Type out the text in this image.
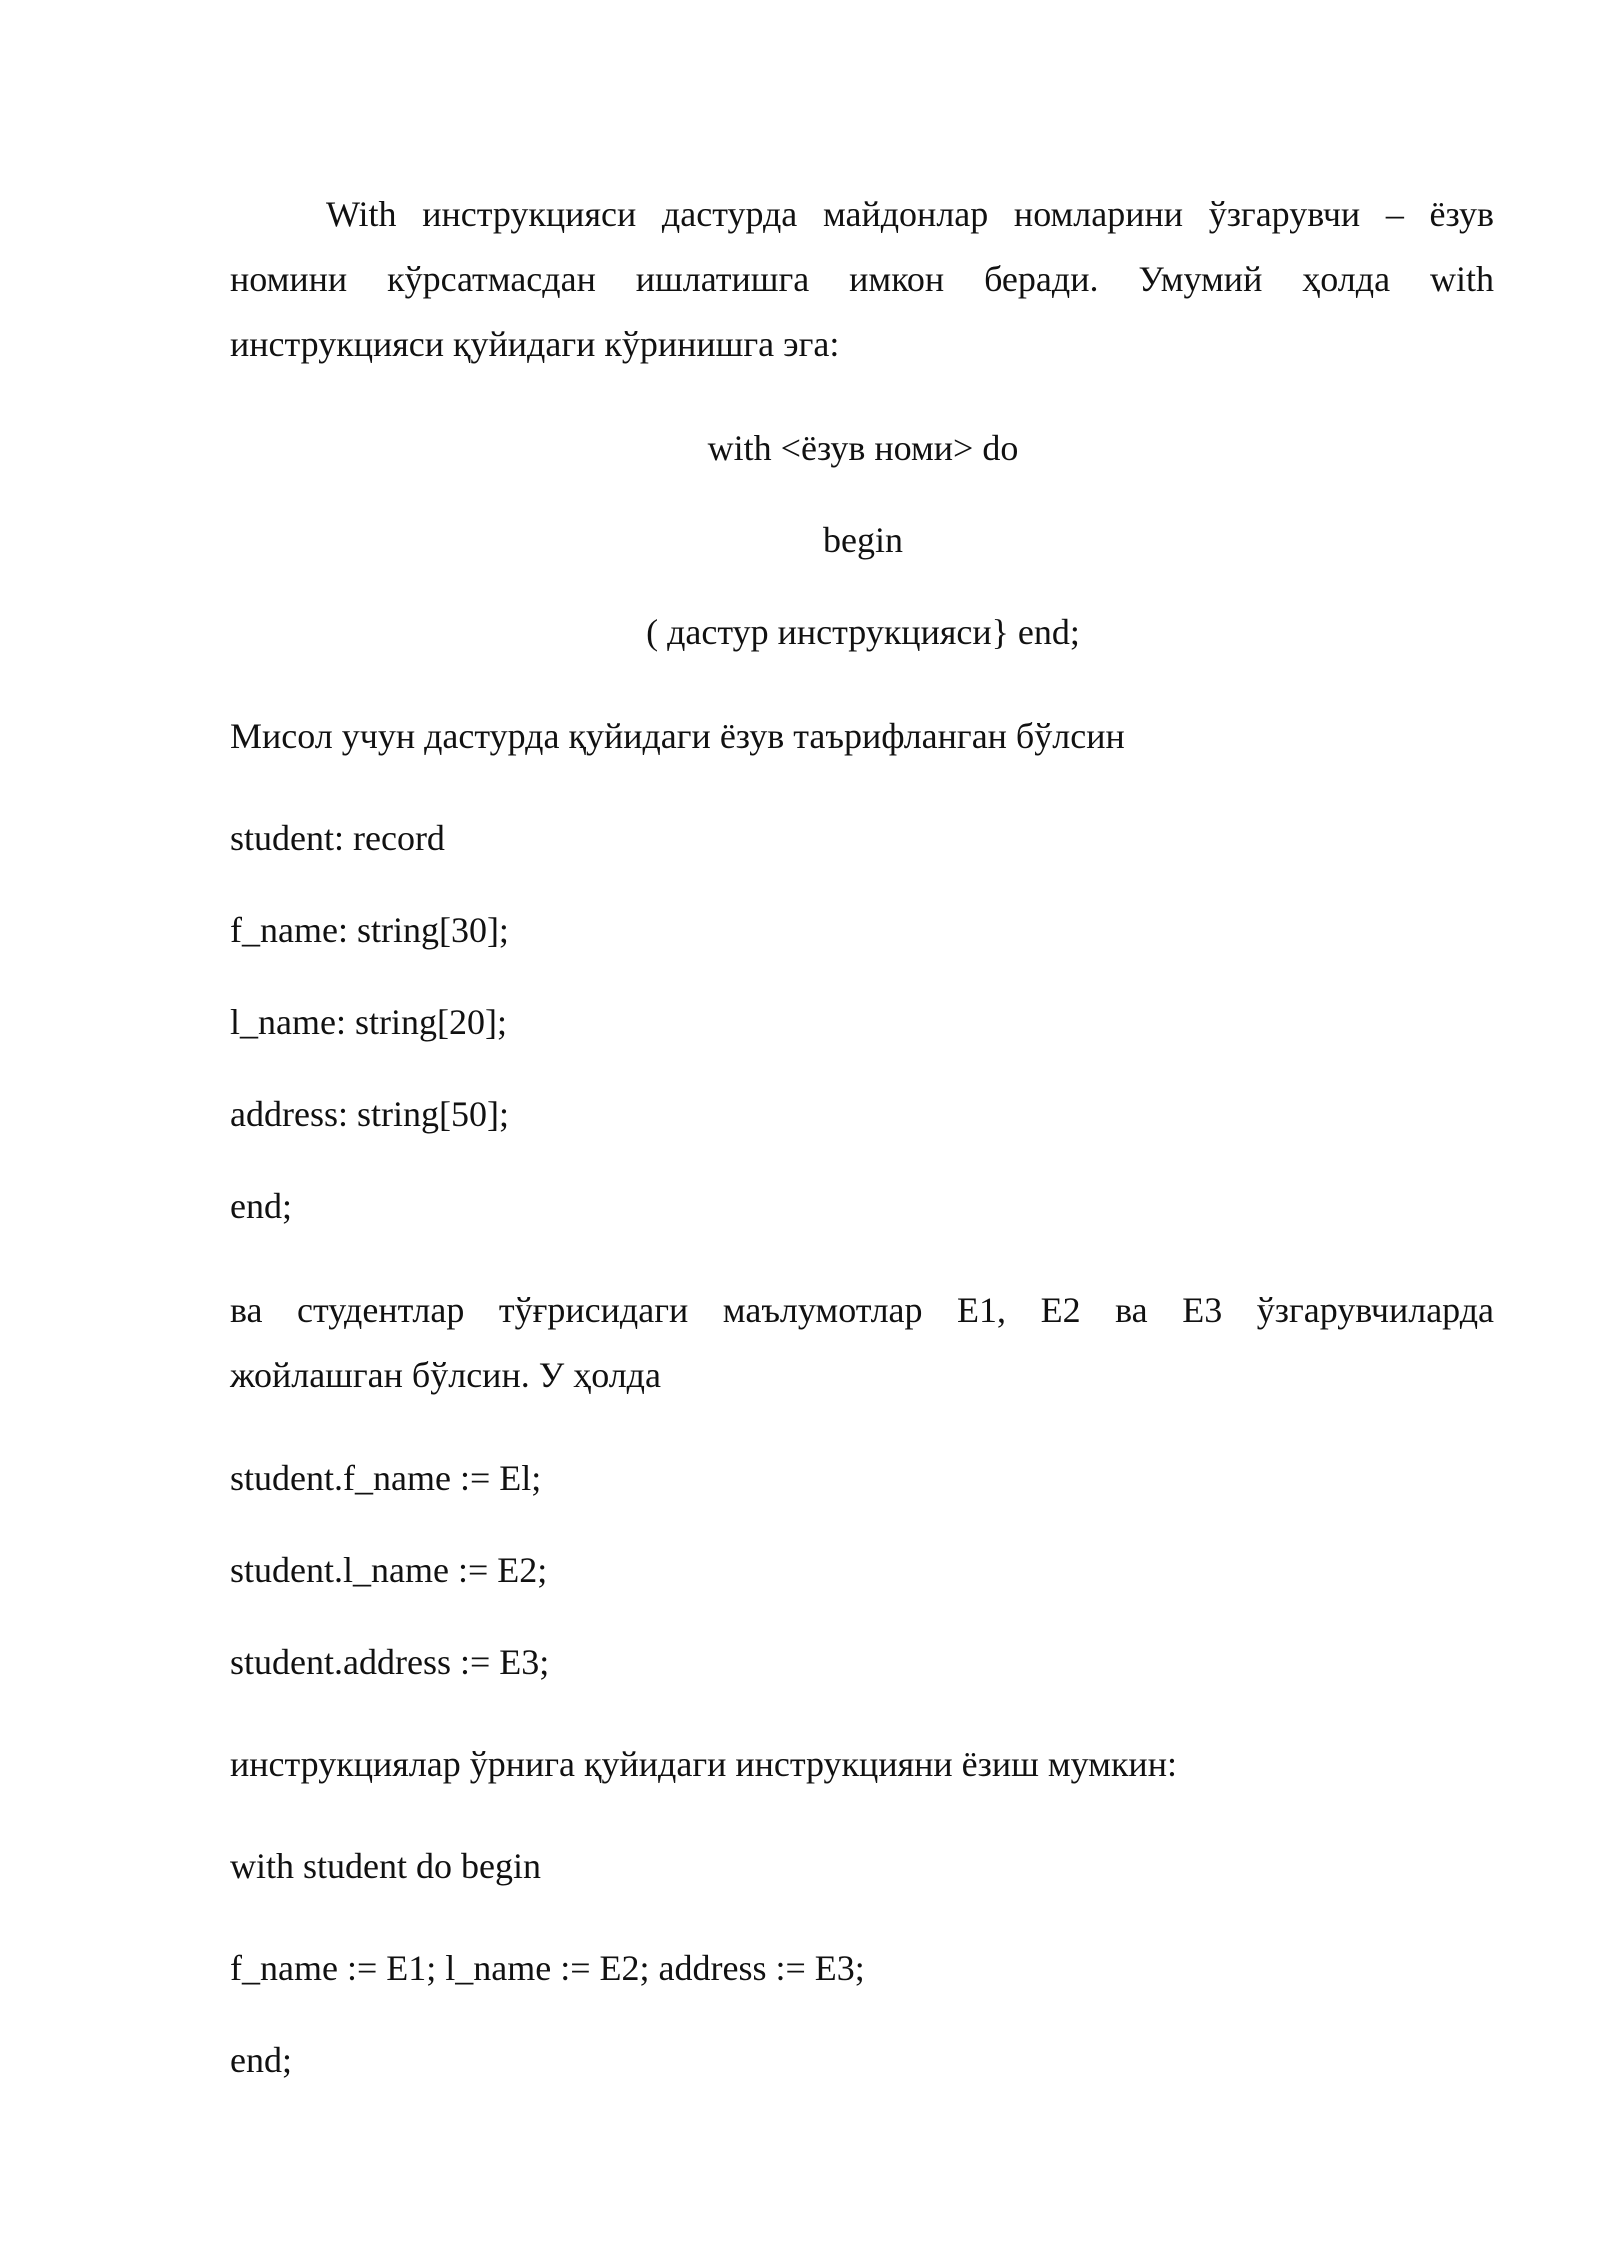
With инструкцияси дастурда майдонлар номларини ўзгарувчи – ёзув
номини кўрсатмасдан ишлатишга имкон беради. Умумий ҳолда with
инструкцияси қуйидаги кўринишга эга:
with <ёзув номи> do
begin
( дастур инструкцияси} end;
Мисол учун дастурда қуйидаги ёзув таърифланган бўлсин
student: record
f_name: string[30];
l_name: string[20];
address: string[50];
end;
ва студентлар тўғрисидаги маълумотлар E1, E2 ва E3 ўзгарувчиларда
жойлашган бўлсин. У ҳолда
student.f_name := El;
student.l_name := E2;
student.address := E3;
инструкциялар ўрнига қуйидаги инструкцияни ёзиш мумкин:
with student do begin
f_name := E1; l_name := E2; address := E3;
end;
